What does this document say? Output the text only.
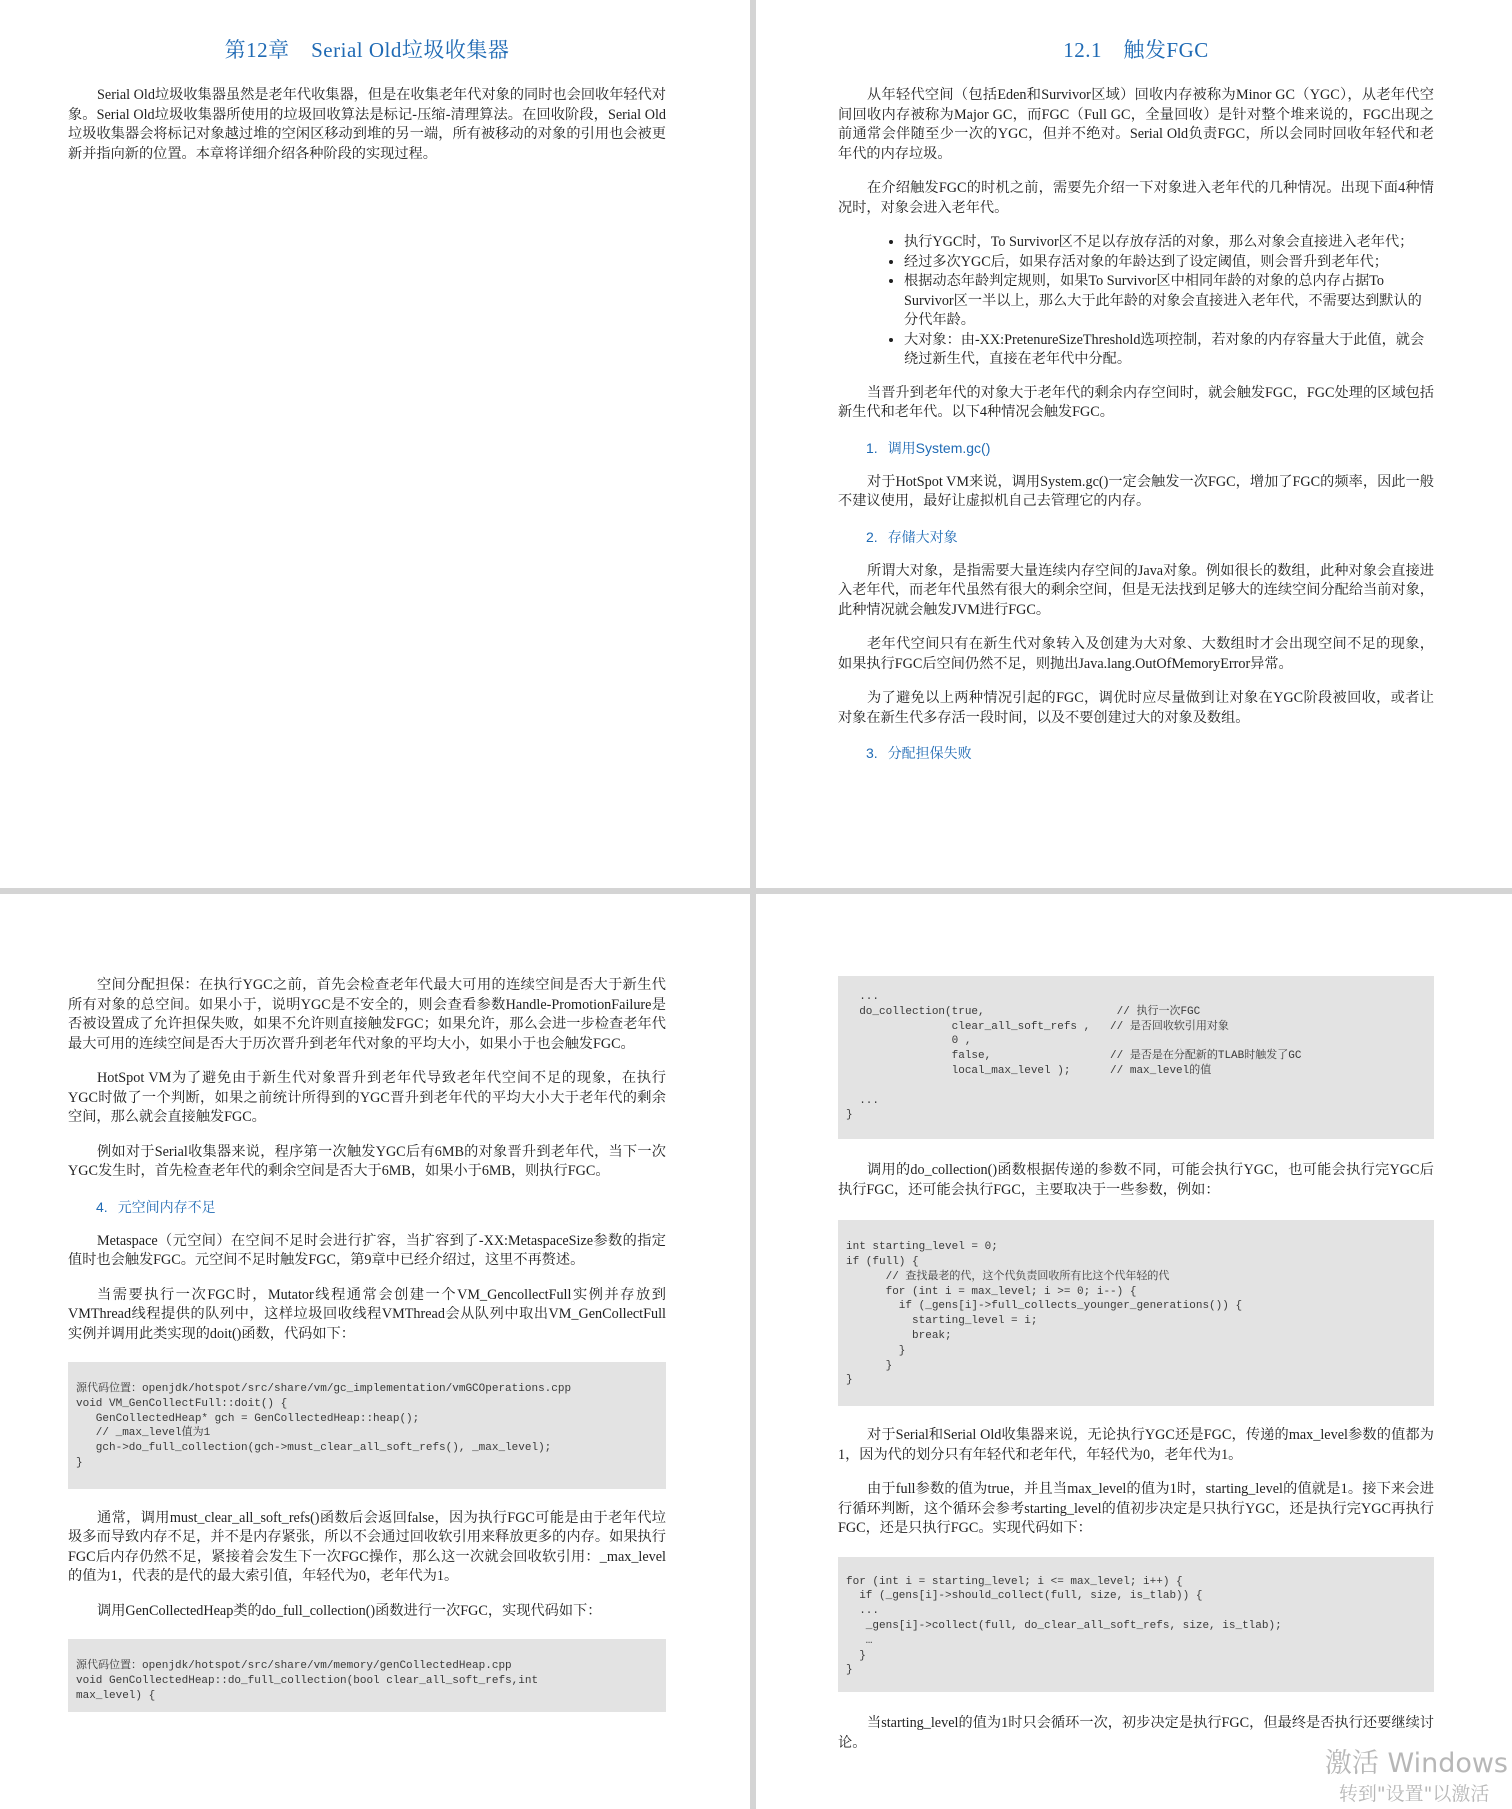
第12章　Serial Old垃圾收集器

Serial Old垃圾收集器虽然是老年代收集器，但是在收集老年代对象的同时也会回收年轻代对象。Serial Old垃圾收集器所使用的垃圾回收算法是标记-压缩-清理算法。在回收阶段，Serial Old垃圾收集器会将标记对象越过堆的空闲区移动到堆的另一端，所有被移动的对象的引用也会被更新并指向新的位置。本章将详细介绍各种阶段的实现过程。

12.1　触发FGC

从年轻代空间（包括Eden和Survivor区域）回收内存被称为Minor GC（YGC），从老年代空间回收内存被称为Major GC，而FGC（Full GC，全量回收）是针对整个堆来说的，FGC出现之前通常会伴随至少一次的YGC，但并不绝对。Serial Old负责FGC，所以会同时回收年轻代和老年代的内存垃圾。

在介绍触发FGC的时机之前，需要先介绍一下对象进入老年代的几种情况。出现下面4种情况时，对象会进入老年代。

• 执行YGC时，To Survivor区不足以存放存活的对象，那么对象会直接进入老年代；
• 经过多次YGC后，如果存活对象的年龄达到了设定阈值，则会晋升到老年代；
• 根据动态年龄判定规则，如果To Survivor区中相同年龄的对象的总内存占据To Survivor区一半以上，那么大于此年龄的对象会直接进入老年代，不需要达到默认的分代年龄。
• 大对象：由-XX:PretenureSizeThreshold选项控制，若对象的内存容量大于此值，就会绕过新生代，直接在老年代中分配。

当晋升到老年代的对象大于老年代的剩余内存空间时，就会触发FGC，FGC处理的区域包括新生代和老年代。以下4种情况会触发FGC。

1. 调用System.gc()

对于HotSpot VM来说，调用System.gc()一定会触发一次FGC，增加了FGC的频率，因此一般不建议使用，最好让虚拟机自己去管理它的内存。

2. 存储大对象

所谓大对象，是指需要大量连续内存空间的Java对象。例如很长的数组，此种对象会直接进入老年代，而老年代虽然有很大的剩余空间，但是无法找到足够大的连续空间分配给当前对象，此种情况就会触发JVM进行FGC。

老年代空间只有在新生代对象转入及创建为大对象、大数组时才会出现空间不足的现象，如果执行FGC后空间仍然不足，则抛出Java.lang.OutOfMemoryError异常。

为了避免以上两种情况引起的FGC，调优时应尽量做到让对象在YGC阶段被回收，或者让对象在新生代多存活一段时间，以及不要创建过大的对象及数组。

3. 分配担保失败

空间分配担保：在执行YGC之前，首先会检查老年代最大可用的连续空间是否大于新生代所有对象的总空间。如果小于，说明YGC是不安全的，则会查看参数Handle-PromotionFailure是否被设置成了允许担保失败，如果不允许则直接触发FGC；如果允许，那么会进一步检查老年代最大可用的连续空间是否大于历次晋升到老年代对象的平均大小，如果小于也会触发FGC。

HotSpot VM为了避免由于新生代对象晋升到老年代导致老年代空间不足的现象，在执行YGC时做了一个判断，如果之前统计所得到的YGC晋升到老年代的平均大小大于老年代的剩余空间，那么就会直接触发FGC。

例如对于Serial收集器来说，程序第一次触发YGC后有6MB的对象晋升到老年代，当下一次YGC发生时，首先检查老年代的剩余空间是否大于6MB，如果小于6MB，则执行FGC。

4. 元空间内存不足

Metaspace（元空间）在空间不足时会进行扩容，当扩容到了-XX:MetaspaceSize参数的指定值时也会触发FGC。元空间不足时触发FGC，第9章中已经介绍过，这里不再赘述。

当需要执行一次FGC时，Mutator线程通常会创建一个VM_GencollectFull实例并存放到VMThread线程提供的队列中，这样垃圾回收线程VMThread会从队列中取出VM_GenCollectFull实例并调用此类实现的doit()函数，代码如下：

源代码位置：openjdk/hotspot/src/share/vm/gc_implementation/vmGCOperations.cpp
void VM_GenCollectFull::doit() {
GenCollectedHeap* gch = GenCollectedHeap::heap();
// _max_level值为1
gch->do_full_collection(gch->must_clear_all_soft_refs(), _max_level);
}

通常，调用must_clear_all_soft_refs()函数后会返回false，因为执行FGC可能是由于老年代垃圾多而导致内存不足，并不是内存紧张，所以不会通过回收软引用来释放更多的内存。如果执行FGC后内存仍然不足，紧接着会发生下一次FGC操作，那么这一次就会回收软引用：_max_level的值为1，代表的是代的最大索引值，年轻代为0，老年代为1。

调用GenCollectedHeap类的do_full_collection()函数进行一次FGC，实现代码如下：

源代码位置：openjdk/hotspot/src/share/vm/memory/genCollectedHeap.cpp
void GenCollectedHeap::do_full_collection(bool clear_all_soft_refs,int
max_level) {
...
do_collection(true,                    // 执行一次FGC
clear_all_soft_refs ,   // 是否回收软引用对象
0 ,
false,                  // 是否是在分配新的TLAB时触发了GC
local_max_level );      // max_level的值

...
}

调用的do_collection()函数根据传递的参数不同，可能会执行YGC，也可能会执行完YGC后执行FGC，还可能会执行FGC，主要取决于一些参数，例如：

int starting_level = 0;
if (full) {
// 查找最老的代，这个代负责回收所有比这个代年轻的代
for (int i = max_level; i >= 0; i--) {
if (_gens[i]->full_collects_younger_generations()) {
starting_level = i;
break;
}
}
}

对于Serial和Serial Old收集器来说，无论执行YGC还是FGC，传递的max_level参数的值都为1，因为代的划分只有年轻代和老年代，年轻代为0，老年代为1。

由于full参数的值为true，并且当max_level的值为1时，starting_level的值就是1。接下来会进行循环判断，这个循环会参考starting_level的值初步决定是只执行YGC，还是执行完YGC再执行FGC，还是只执行FGC。实现代码如下：

for (int i = starting_level; i <= max_level; i++) {
if (_gens[i]->should_collect(full, size, is_tlab)) {
...
_gens[i]->collect(full, do_clear_all_soft_refs, size, is_tlab);
…
}
}

当starting_level的值为1时只会循环一次，初步决定是执行FGC，但最终是否执行还要继续讨论。

激活 Windows
转到"设置"以激活
